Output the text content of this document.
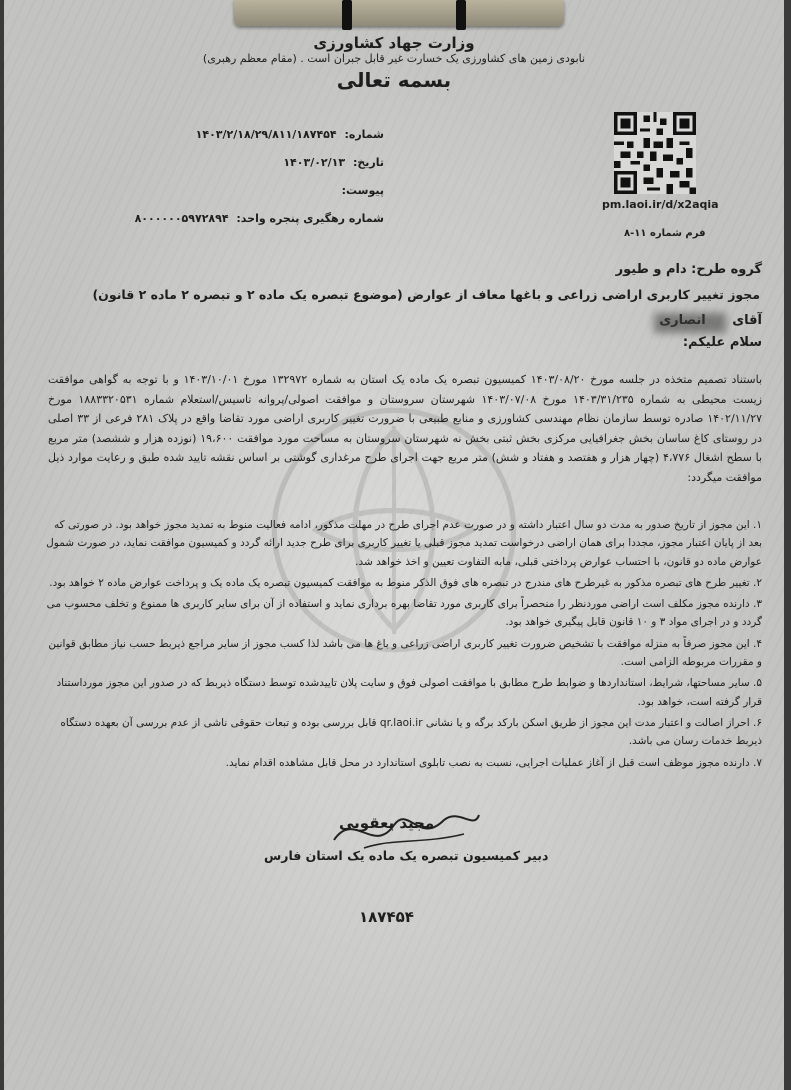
وزارت جهاد کشاورزی
نابودی زمین های کشاورزی یک خسارت غیر قابل جبران است . (مقام معظم رهبری)
بسمه تعالی
شماره: ۱۴۰۳/۲/۱۸/۲۹/۸۱۱/۱۸۷۴۵۴
تاریخ: ۱۴۰۳/۰۲/۱۳
پیوست:
شماره رهگیری پنجره واحد: ۸۰۰۰۰۰۰۵۹۷۲۸۹۴
pm.laoi.ir/d/x2aqia
فرم شماره ۱۱-۸
گروه طرح: دام و طیور
مجوز تغییر کاربری اراضی زراعی و باغها معاف از عوارض (موضوع تبصره یک ماده ۲ و تبصره ۲ ماده ۲ قانون)
آقای
سلام علیکم:
باستناد تصمیم متخذه در جلسه مورخ ۱۴۰۳/۰۸/۲۰ کمیسیون تبصره یک ماده یک استان به شماره ۱۳۲۹۷۲ مورخ ۱۴۰۳/۱۰/۰۱ و با توجه به گواهی موافقت زیست محیطی به شماره ۱۴۰۳/۳۱/۲۳۵ مورخ ۱۴۰۳/۰۷/۰۸ شهرستان سروستان و موافقت اصولی/پروانه تاسیس/استعلام شماره ۱۸۸۳۳۲۰۵۳۱ مورخ ۱۴۰۲/۱۱/۲۷ صادره توسط سازمان نظام مهندسی کشاورزی و منابع طبیعی با ضرورت تغییر کاربری اراضی مورد تقاضا واقع در پلاک ۲۸۱ فرعی از ۳۳ اصلی در روستای کاغ ساسان بخش جغرافیایی مرکزی بخش ثبتی بخش نه شهرستان سروستان به مساحت مورد موافقت ۱۹،۶۰۰ (نوزده هزار و ششصد) متر مربع با سطح اشغال ۴،۷۷۶ (چهار هزار و هفتصد و هفتاد و شش) متر مربع جهت اجرای طرح مرغداری گوشتی بر اساس نقشه تایید شده طبق و رعایت موارد ذیل موافقت میگردد:
۱. این مجوز از تاریخ صدور به مدت دو سال اعتبار داشته و در صورت عدم اجرای طرح در مهلت مذکور، ادامه فعالیت منوط به تمدید مجوز خواهد بود. در صورتی که بعد از پایان اعتبار مجوز، مجددا برای همان اراضی درخواست تمدید مجوز قبلی یا تغییر کاربری برای طرح جدید ارائه گردد و کمیسیون موافقت نماید، در صورت شمول عوارض ماده دو قانون، با احتساب عوارض پرداختی قبلی، مابه التفاوت تعیین و اخذ خواهد شد.
۲. تغییر طرح های تبصره مذکور به غیرطرح های مندرج در تبصره های فوق الذکر منوط به موافقت کمیسیون تبصره یک ماده یک و پرداخت عوارض ماده ۲ خواهد بود.
۳. دارنده مجوز مکلف است اراضی موردنظر را منحصراً برای کاربری مورد تقاضا بهره برداری نماید و استفاده از آن برای سایر کاربری ها ممنوع و تخلف محسوب می گردد و در اجرای مواد ۳ و ۱۰ قانون قابل پیگیری خواهد بود.
۴. این مجوز صرفاً به منزله موافقت با تشخیص ضرورت تغییر کاربری اراضی زراعی و باغ ها می باشد لذا کسب مجوز از سایر مراجع ذیربط حسب نیاز مطابق قوانین و مقررات مربوطه الزامی است.
۵. سایر مساحتها، شرایط، استانداردها و ضوابط طرح مطابق با موافقت اصولی فوق و سایت پلان تاییدشده توسط دستگاه ذیربط که در صدور این مجوز مورداستناد قرار گرفته است، خواهد بود.
۶. احراز اصالت و اعتبار مدت این مجوز از طریق اسکن بارکد برگه و یا نشانی qr.laoi.ir قابل بررسی بوده و تبعات حقوقی ناشی از عدم بررسی آن بعهده دستگاه ذیربط خدمات رسان می باشد.
۷. دارنده مجوز موظف است قبل از آغاز عملیات اجرایی، نسبت به نصب تابلوی استاندارد در محل قابل مشاهده اقدام نماید.
مجید یعقوبی
دبیر کمیسیون تبصره یک ماده یک استان فارس
۱۸۷۴۵۴
